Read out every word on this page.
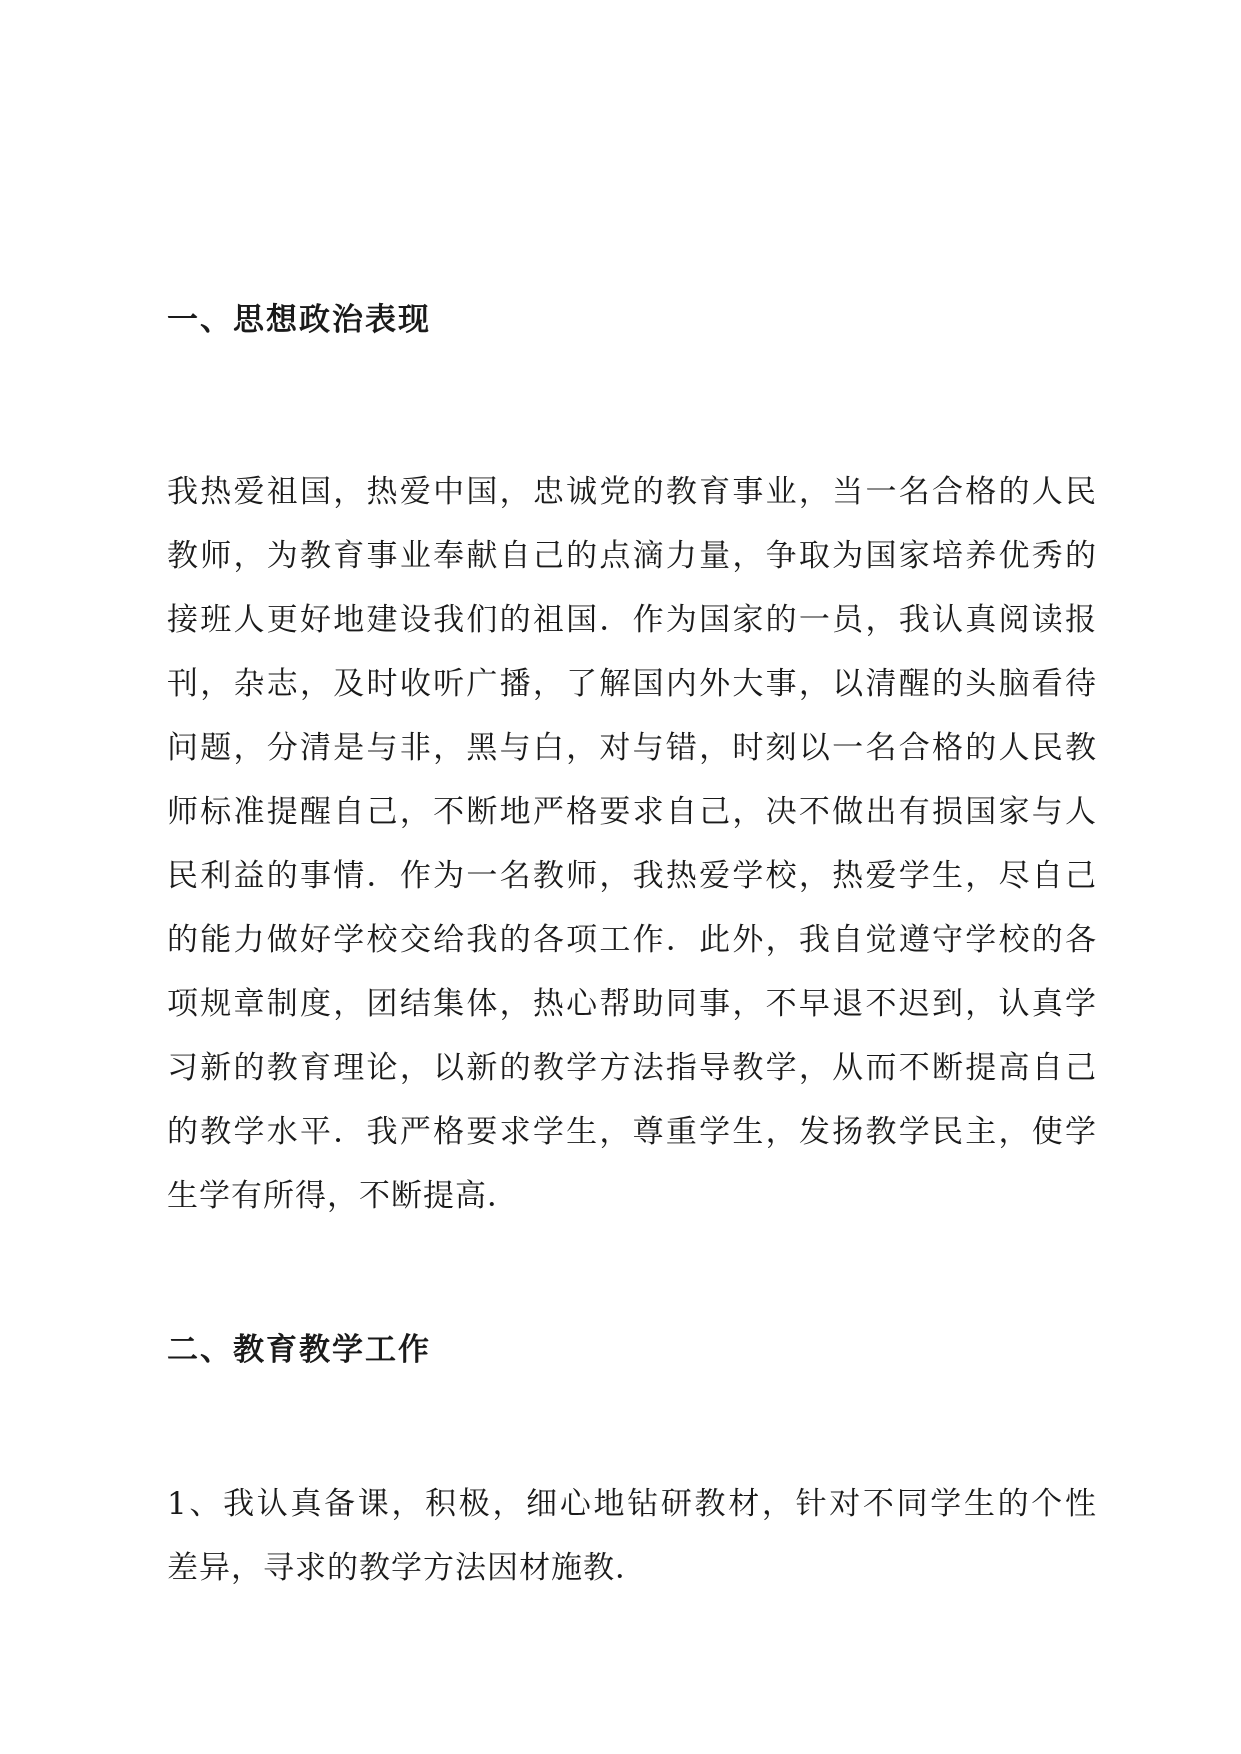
一、思想政治表现

我热爱祖国，热爱中国，忠诚党的教育事业，当一名合格的人民
教师，为教育事业奉献自己的点滴力量，争取为国家培养优秀的
接班人更好地建设我们的祖国．作为国家的一员，我认真阅读报
刊，杂志，及时收听广播，了解国内外大事，以清醒的头脑看待
问题，分清是与非，黑与白，对与错，时刻以一名合格的人民教
师标准提醒自己，不断地严格要求自己，决不做出有损国家与人
民利益的事情．作为一名教师，我热爱学校，热爱学生，尽自己
的能力做好学校交给我的各项工作．此外，我自觉遵守学校的各
项规章制度，团结集体，热心帮助同事，不早退不迟到，认真学
习新的教育理论，以新的教学方法指导教学，从而不断提高自己
的教学水平．我严格要求学生，尊重学生，发扬教学民主，使学
生学有所得，不断提高．

二、教育教学工作

1、我认真备课，积极，细心地钻研教材，针对不同学生的个性
差异，寻求的教学方法因材施教．
